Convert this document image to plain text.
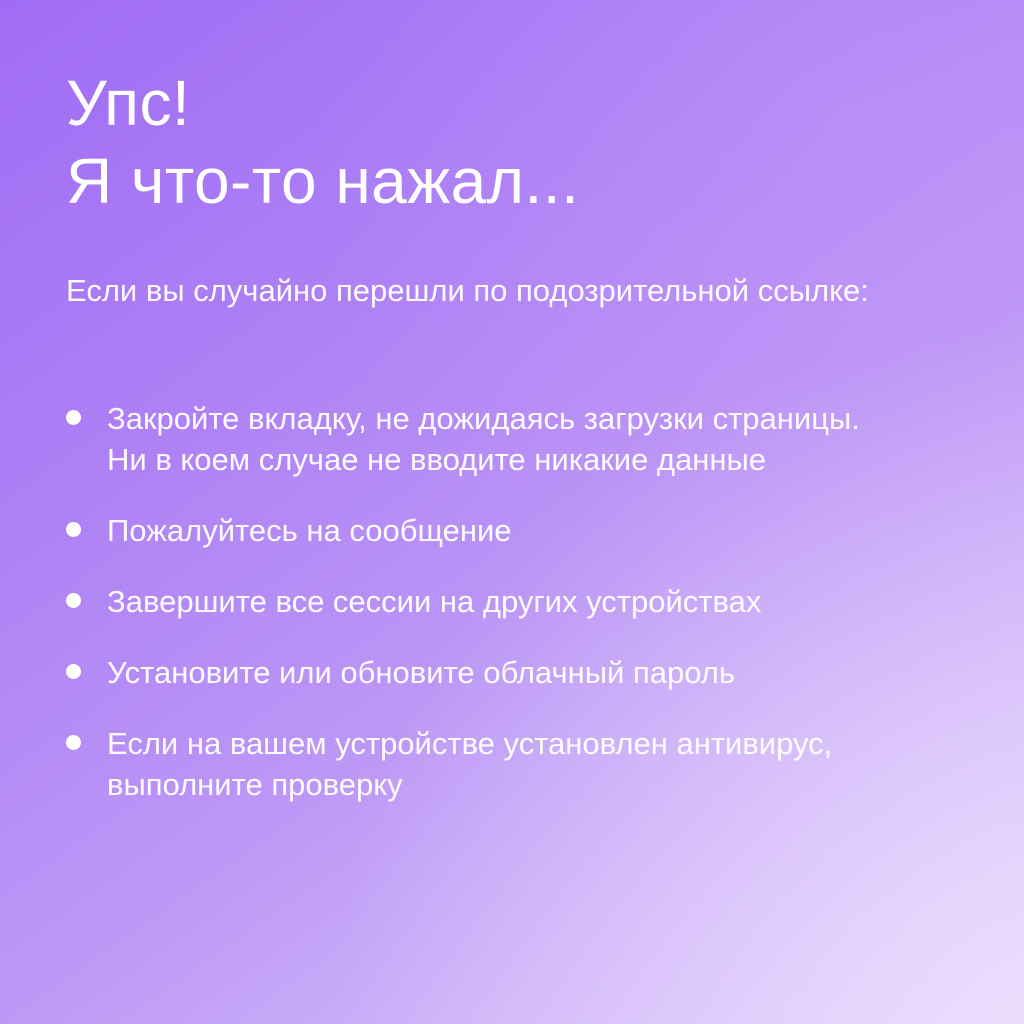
Упс!
Я что-то нажал...

Если вы случайно перешли по подозрительной ссылке:

Закройте вкладку, не дожидаясь загрузки страницы.
Ни в коем случае не вводите никакие данные
Пожалуйтесь на сообщение
Завершите все сессии на других устройствах
Установите или обновите облачный пароль
Если на вашем устройстве установлен антивирус,
выполните проверку
